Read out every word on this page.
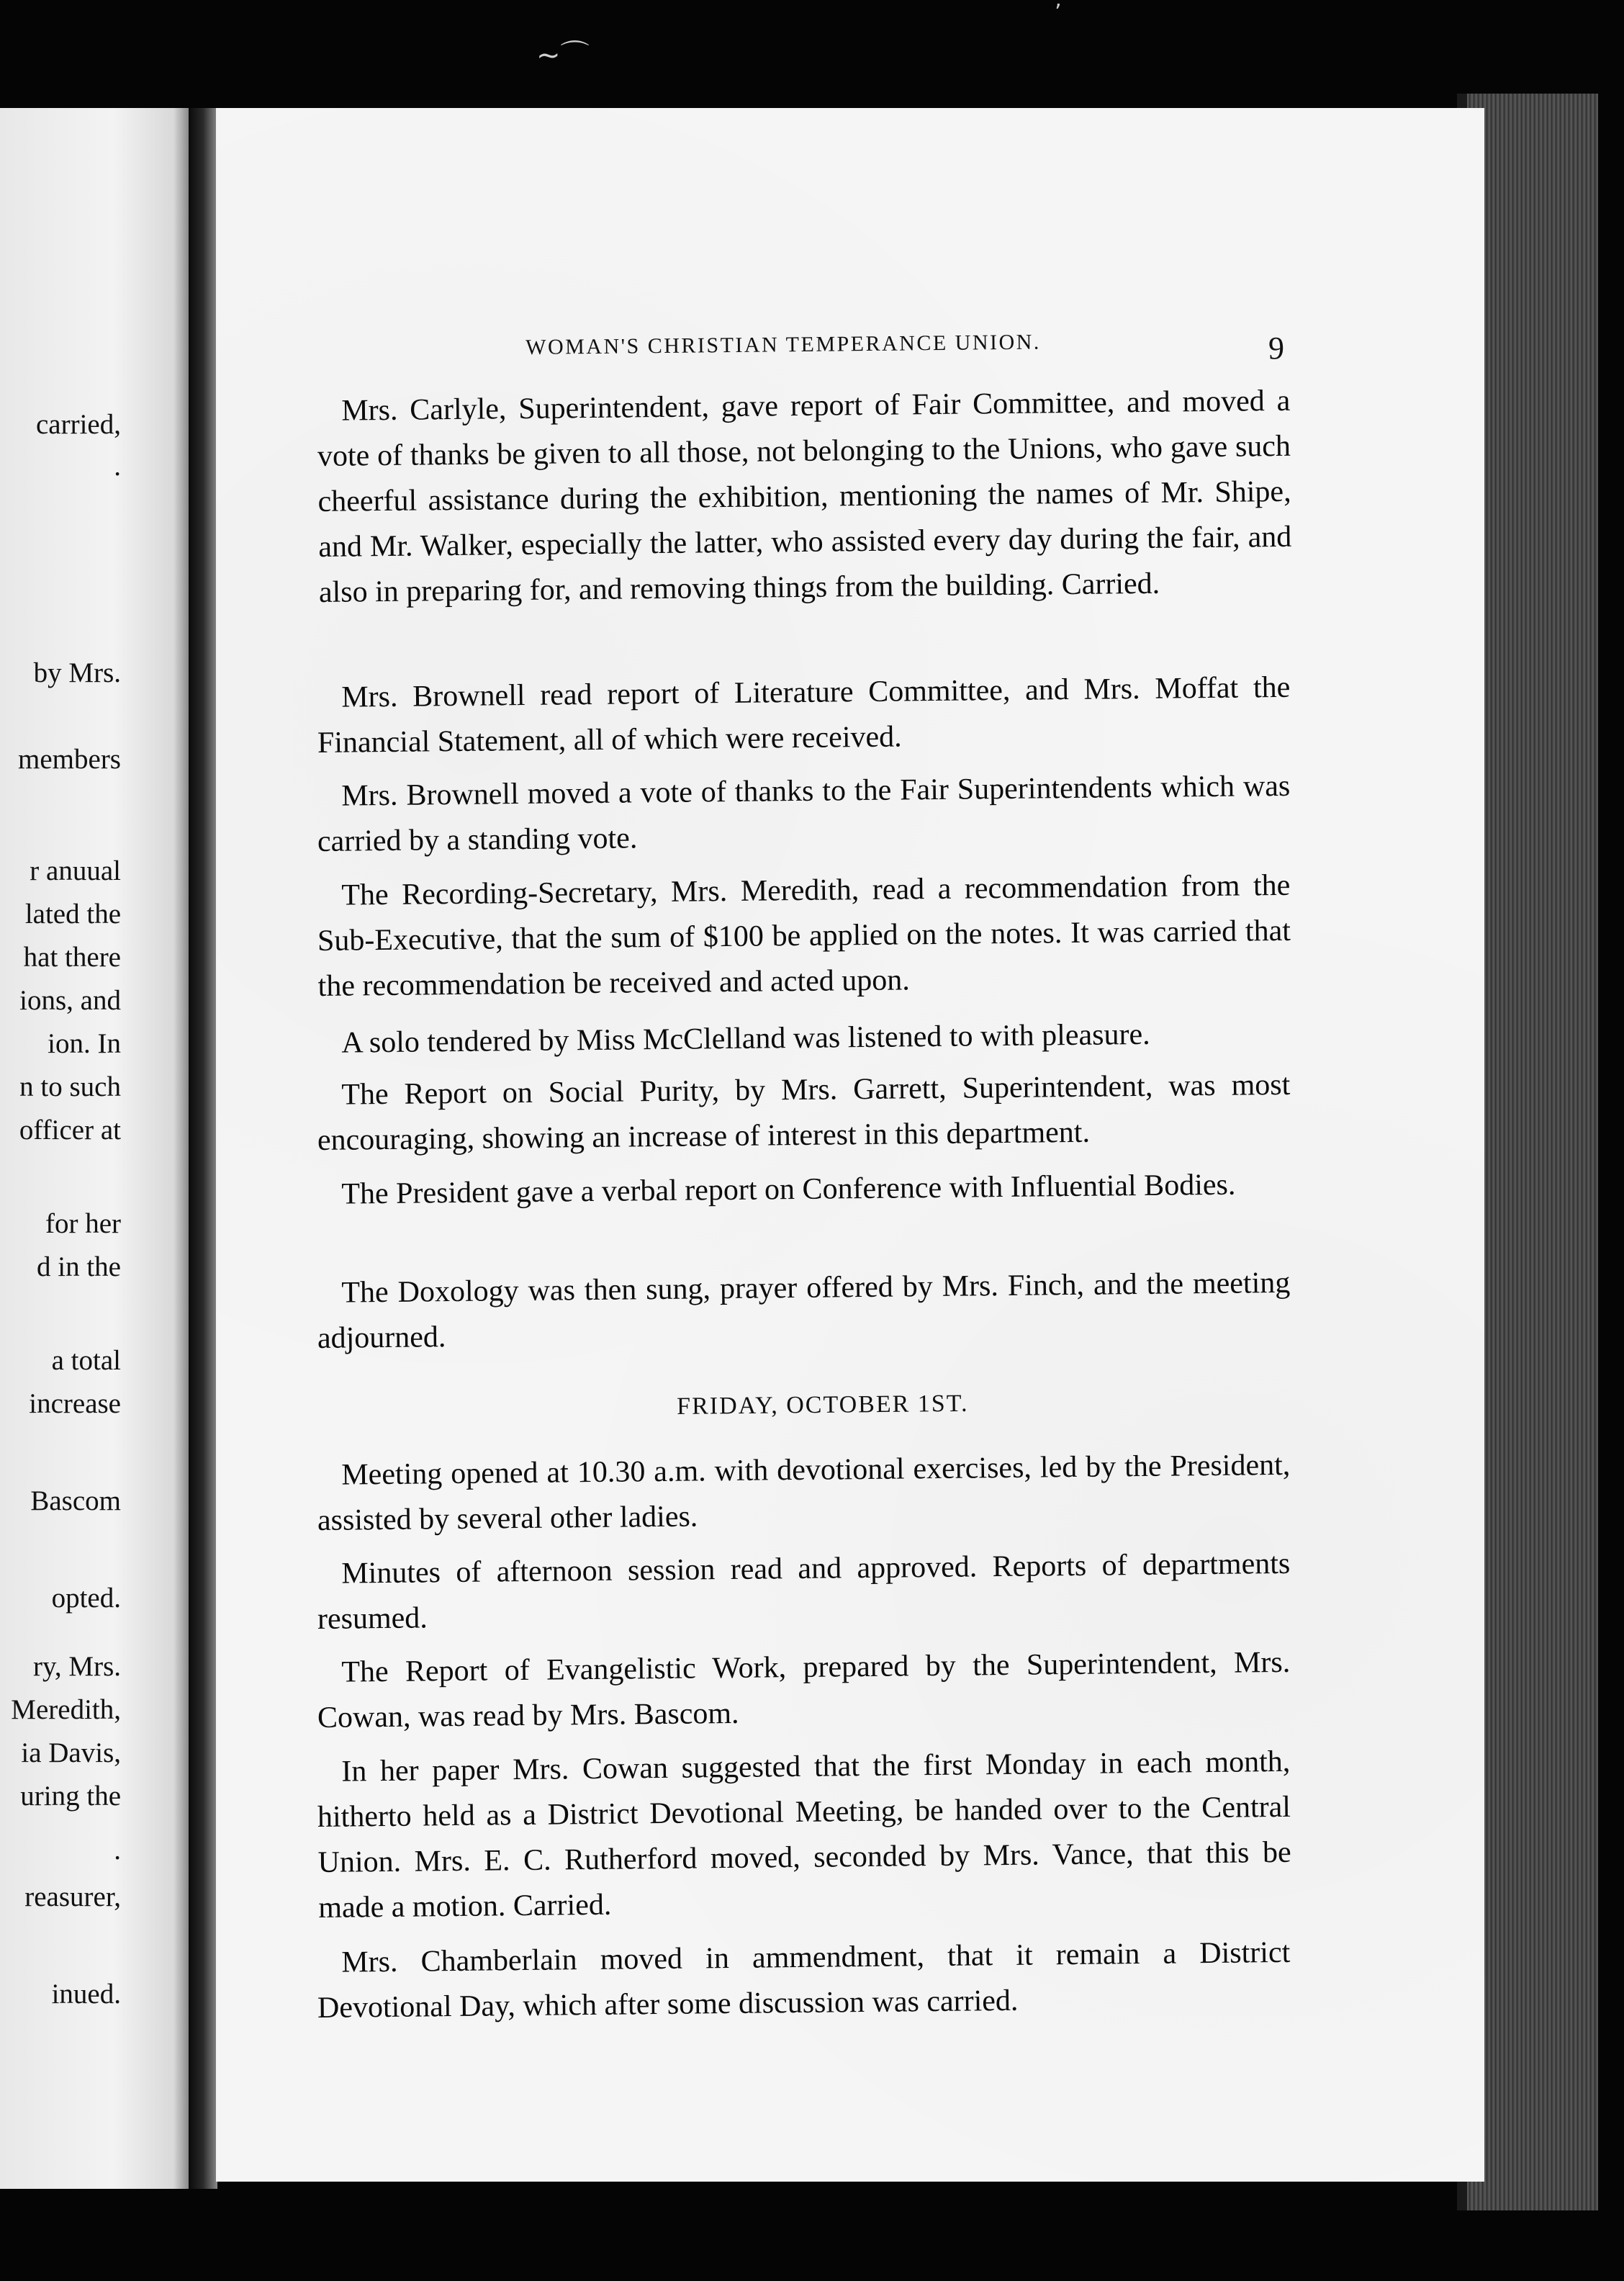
~⌒
ʼ
carried,
.
by Mrs.
members
r anuual
lated the
hat there
ions, and
ion. In
n to such
officer at
for her
d in the
a total
increase
Bascom
opted.
ry, Mrs.
Meredith,
ia Davis,
uring the
.
reasurer,
inued.
WOMAN'S CHRISTIAN TEMPERANCE UNION.	9

Mrs. Carlyle, Superintendent, gave report of Fair Committee, and moved a vote of thanks be given to all those, not belonging to the Unions, who gave such cheerful assistance during the exhibition, mentioning the names of Mr. Shipe, and Mr. Walker, especially the latter, who assisted every day during the fair, and also in preparing for, and removing things from the building. Carried.

Mrs. Brownell read report of Literature Committee, and Mrs. Moffat the Financial Statement, all of which were received.

Mrs. Brownell moved a vote of thanks to the Fair Superintendents which was carried by a standing vote.

The Recording-Secretary, Mrs. Meredith, read a recommendation from the Sub-Executive, that the sum of $100 be applied on the notes. It was carried that the recommendation be received and acted upon.

A solo tendered by Miss McClelland was listened to with pleasure.

The Report on Social Purity, by Mrs. Garrett, Superintendent, was most encouraging, showing an increase of interest in this department.

The President gave a verbal report on Conference with Influential Bodies.

The Doxology was then sung, prayer offered by Mrs. Finch, and the meeting adjourned.

FRIDAY, OCTOBER 1ST.

Meeting opened at 10.30 a.m. with devotional exercises, led by the President, assisted by several other ladies.

Minutes of afternoon session read and approved. Reports of departments resumed.

The Report of Evangelistic Work, prepared by the Superintendent, Mrs. Cowan, was read by Mrs. Bascom.

In her paper Mrs. Cowan suggested that the first Monday in each month, hitherto held as a District Devotional Meeting, be handed over to the Central Union. Mrs. E. C. Rutherford moved, seconded by Mrs. Vance, that this be made a motion. Carried.

Mrs. Chamberlain moved in ammendment, that it remain a District Devotional Day, which after some discussion was carried.
